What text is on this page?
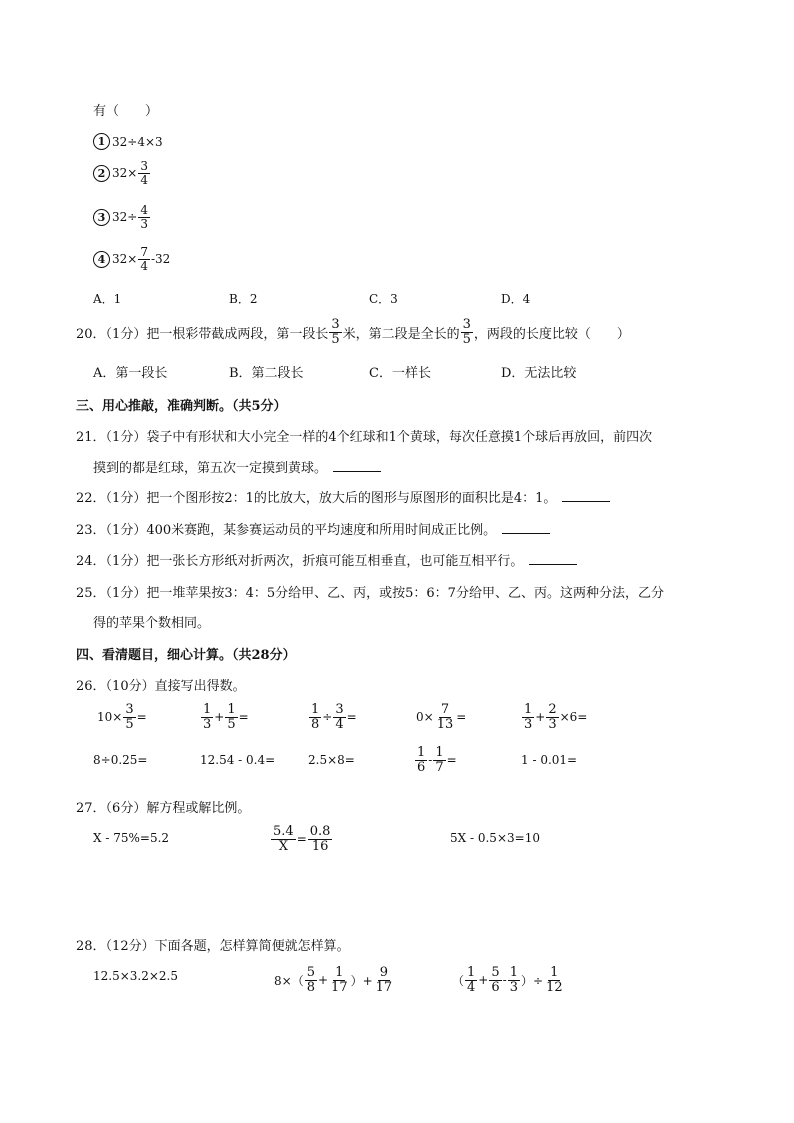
有（　　）
1 32÷4×3
2 $32\times \frac{3}{4}$
3 $32\div \frac{4}{3}$
4 $32\times \frac{7}{4} -32$
A．1	B．2	C．3	D．4
20．（1分）把一根彩带截成两段，第一段长 $\frac{3}{5}$ 米，第二段是全长的 $\frac{3}{5}$ ，两段的长度比较（　　）
A．第一段长	B．第二段长	C．一样长	D．无法比较
三、用心推敲，准确判断。（共5分）
21．（1分）袋子中有形状和大小完全一样的4个红球和1个黄球，每次任意摸1个球后再放回，前四次
摸到的都是红球，第五次一定摸到黄球。
22．（1分）把一个图形按2：1的比放大，放大后的图形与原图形的面积比是4：1。
23．（1分）400米赛跑，某参赛运动员的平均速度和所用时间成正比例。
24．（1分）把一张长方形纸对折两次，折痕可能互相垂直，也可能互相平行。
25．（1分）把一堆苹果按3：4：5分给甲、乙、丙，或按5：6：7分给甲、乙、丙。这两种分法，乙分
得的苹果个数相同。
四、看清题目，细心计算。（共28分）
26．（10分）直接写出得数。
$10\times \frac{3}{5}$ =	$\frac{1}{3} + \frac{1}{5}$ =	$\frac{1}{8} \div \frac{3}{4}$ =	$0\times \frac{7}{13}$ =	$\frac{1}{3} + \frac{2}{3} \times 6=$
8÷0.25=	12.54 - 0.4=	2.5×8=	$\frac{1}{6} - \frac{1}{7}$ =	1 - 0.01=
27．（6分）解方程或解比例。
X - 75%=5.2	$\frac{5.4}{X} = \frac{0.8}{16}$	5X - 0.5×3=10
28．（12分）下面各题，怎样算简便就怎样算。
12.5×3.2×2.5	$8\times( \frac{5}{8} + \frac{1}{17}$ ）+ $\frac{9}{17}$	（ $\frac{1}{4} + \frac{5}{6} - \frac{1}{3}$ ）÷ $\frac{1}{12}$
